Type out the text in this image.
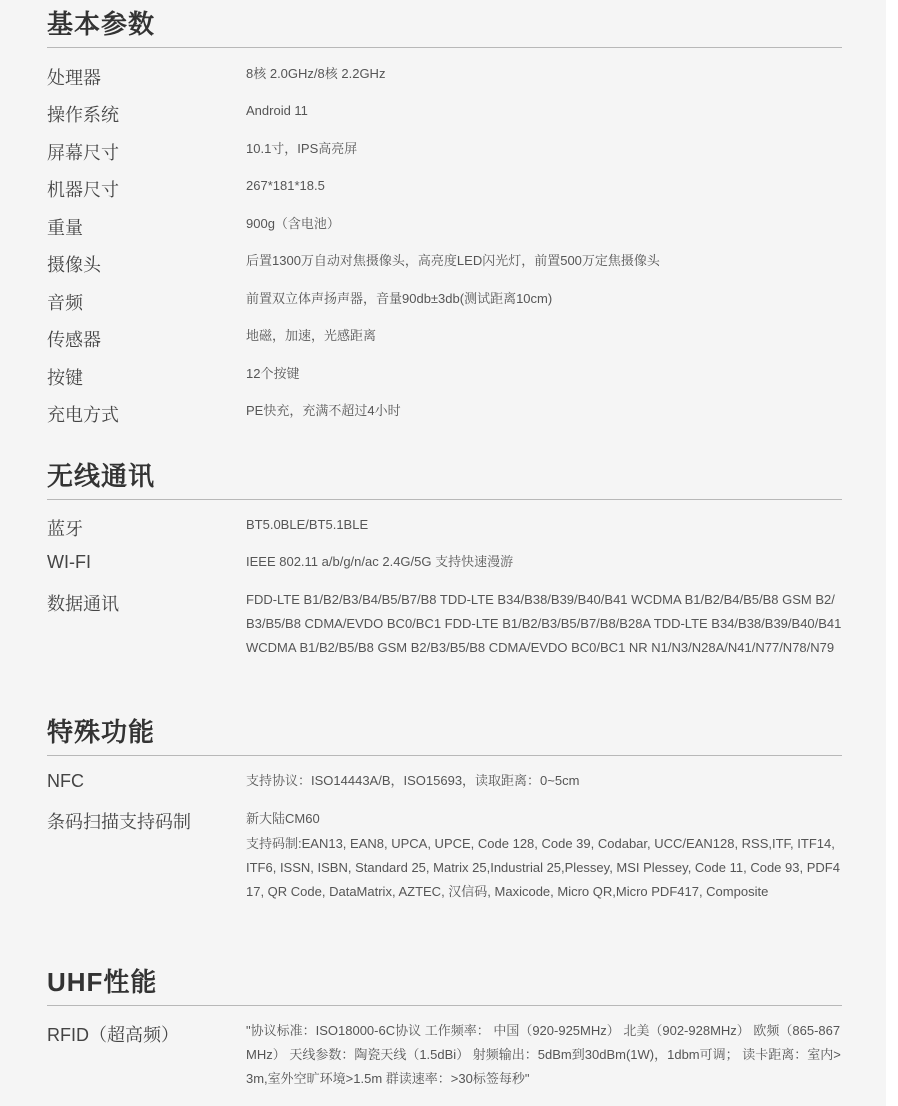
基本参数
处理器	8核 2.0GHz/8核 2.2GHz
操作系统	Android 11
屏幕尺寸	10.1寸，IPS高亮屏
机器尺寸	267*181*18.5
重量	900g（含电池）
摄像头	后置1300万自动对焦摄像头，高亮度LED闪光灯，前置500万定焦摄像头
音频	前置双立体声扬声器，音量90db±3db(测试距离10cm)
传感器	地磁，加速，光感距离
按键	12个按键
充电方式	PE快充，充满不超过4小时
无线通讯
蓝牙	BT5.0BLE/BT5.1BLE
WI-FI	IEEE 802.11 a/b/g/n/ac 2.4G/5G 支持快速漫游
数据通讯	FDD-LTE B1/B2/B3/B4/B5/B7/B8 TDD-LTE B34/B38/B39/B40/B41 WCDMA B1/B2/B4/B5/B8 GSM B2/B3/B5/B8 CDMA/EVDO BC0/BC1 FDD-LTE B1/B2/B3/B5/B7/B8/B28A TDD-LTE B34/B38/B39/B40/B41 WCDMA B1/B2/B5/B8 GSM B2/B3/B5/B8 CDMA/EVDO BC0/BC1 NR N1/N3/N28A/N41/N77/N78/N79
特殊功能
NFC	支持协议：ISO14443A/B，ISO15693，读取距离：0~5cm
条码扫描支持码制	新大陆CM60
支持码制:EAN13, EAN8, UPCA, UPCE, Code 128, Code 39, Codabar, UCC/EAN128, RSS,ITF, ITF14, ITF6, ISSN, ISBN, Standard 25, Matrix 25,Industrial 25,Plessey, MSI Plessey, Code 11, Code 93, PDF417, QR Code, DataMatrix, AZTEC, 汉信码, Maxicode, Micro QR,Micro PDF417, Composite
UHF性能
RFID（超高频）	"协议标准：ISO18000-6C协议 工作频率： 中国（920-925MHz） 北美（902-928MHz） 欧频（865-867MHz） 天线参数：陶瓷天线（1.5dBi） 射频输出：5dBm到30dBm(1W)，1dbm可调； 读卡距离：室内>3m,室外空旷环境>1.5m 群读速率：>30标签每秒"
